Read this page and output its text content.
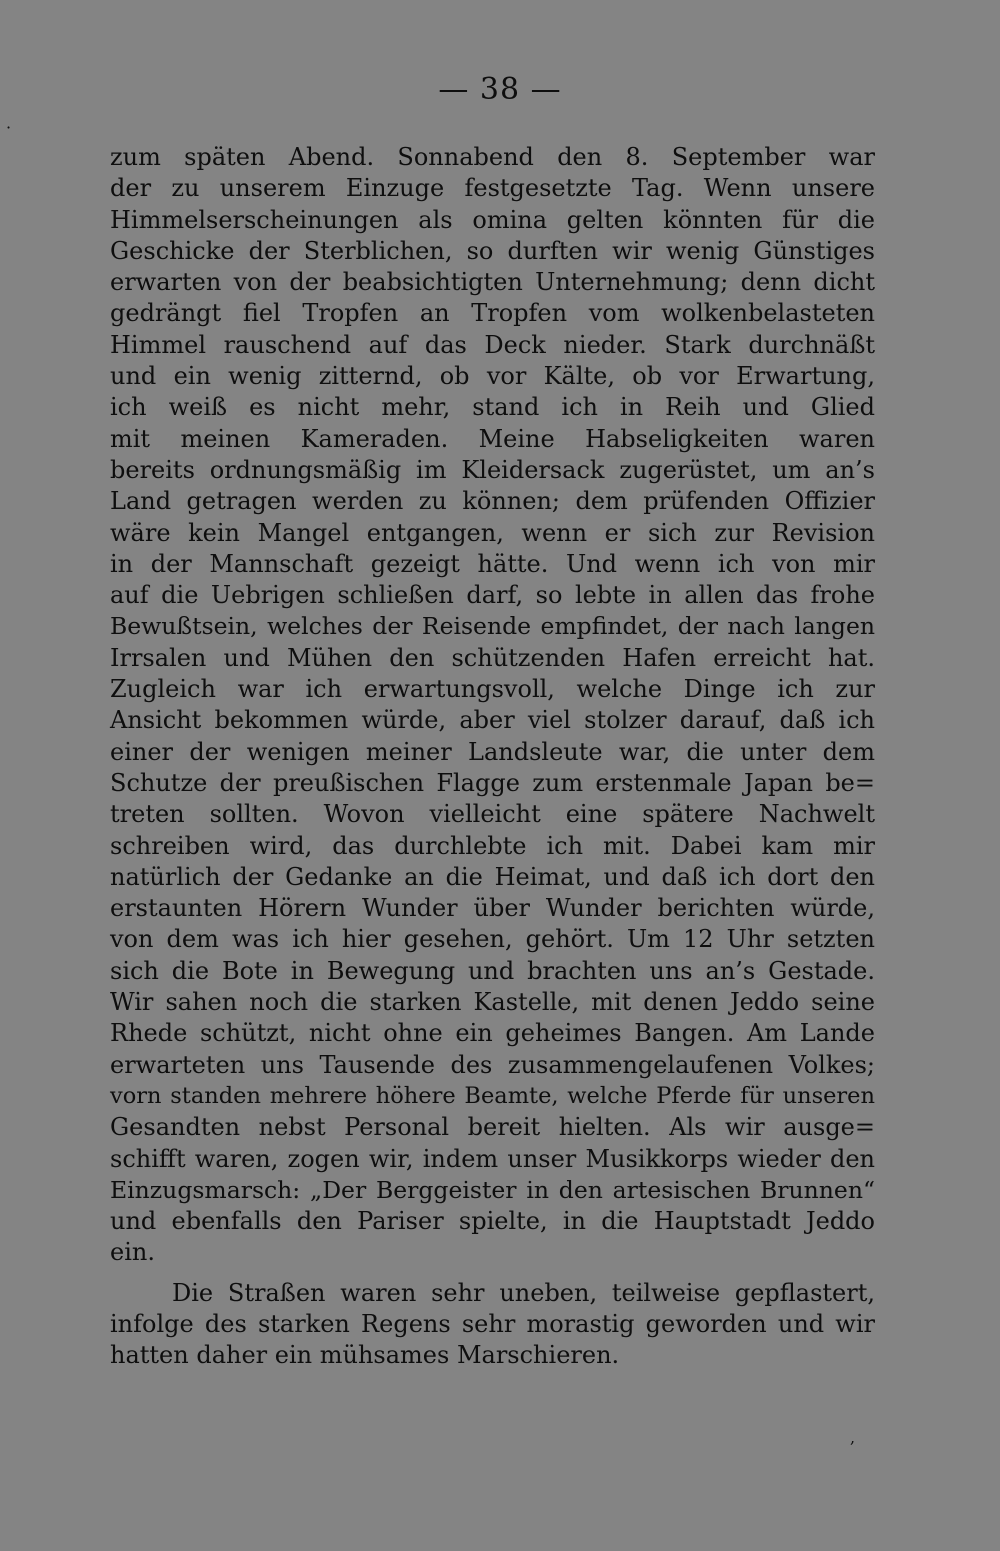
— 38 —
·
zum späten Abend. Sonnabend den 8. September war
der zu unserem Einzuge festgesetzte Tag. Wenn unsere
Himmelserscheinungen als omina gelten könnten für die
Geschicke der Sterblichen, so durften wir wenig Günstiges
erwarten von der beabsichtigten Unternehmung; denn dicht
gedrängt fiel Tropfen an Tropfen vom wolkenbelasteten
Himmel rauschend auf das Deck nieder. Stark durchnäßt
und ein wenig zitternd, ob vor Kälte, ob vor Erwartung,
ich weiß es nicht mehr, stand ich in Reih und Glied
mit meinen Kameraden. Meine Habseligkeiten waren
bereits ordnungsmäßig im Kleidersack zugerüstet, um an’s
Land getragen werden zu können; dem prüfenden Offizier
wäre kein Mangel entgangen, wenn er sich zur Revision
in der Mannschaft gezeigt hätte. Und wenn ich von mir
auf die Uebrigen schließen darf, so lebte in allen das frohe
Bewußtsein, welches der Reisende empfindet, der nach langen
Irrsalen und Mühen den schützenden Hafen erreicht hat.
Zugleich war ich erwartungsvoll, welche Dinge ich zur
Ansicht bekommen würde, aber viel stolzer darauf, daß ich
einer der wenigen meiner Landsleute war, die unter dem
Schutze der preußischen Flagge zum erstenmale Japan be=
treten sollten. Wovon vielleicht eine spätere Nachwelt
schreiben wird, das durchlebte ich mit. Dabei kam mir
natürlich der Gedanke an die Heimat, und daß ich dort den
erstaunten Hörern Wunder über Wunder berichten würde,
von dem was ich hier gesehen, gehört. Um 12 Uhr setzten
sich die Bote in Bewegung und brachten uns an’s Gestade.
Wir sahen noch die starken Kastelle, mit denen Jeddo seine
Rhede schützt, nicht ohne ein geheimes Bangen. Am Lande
erwarteten uns Tausende des zusammengelaufenen Volkes;
vorn standen mehrere höhere Beamte, welche Pferde für unseren
Gesandten nebst Personal bereit hielten. Als wir ausge=
schifft waren, zogen wir, indem unser Musikkorps wieder den
Einzugsmarsch: „Der Berggeister in den artesischen Brunnen“
und ebenfalls den Pariser spielte, in die Hauptstadt Jeddo
ein.
Die Straßen waren sehr uneben, teilweise gepflastert,
infolge des starken Regens sehr morastig geworden und wir
hatten daher ein mühsames Marschieren.
,
